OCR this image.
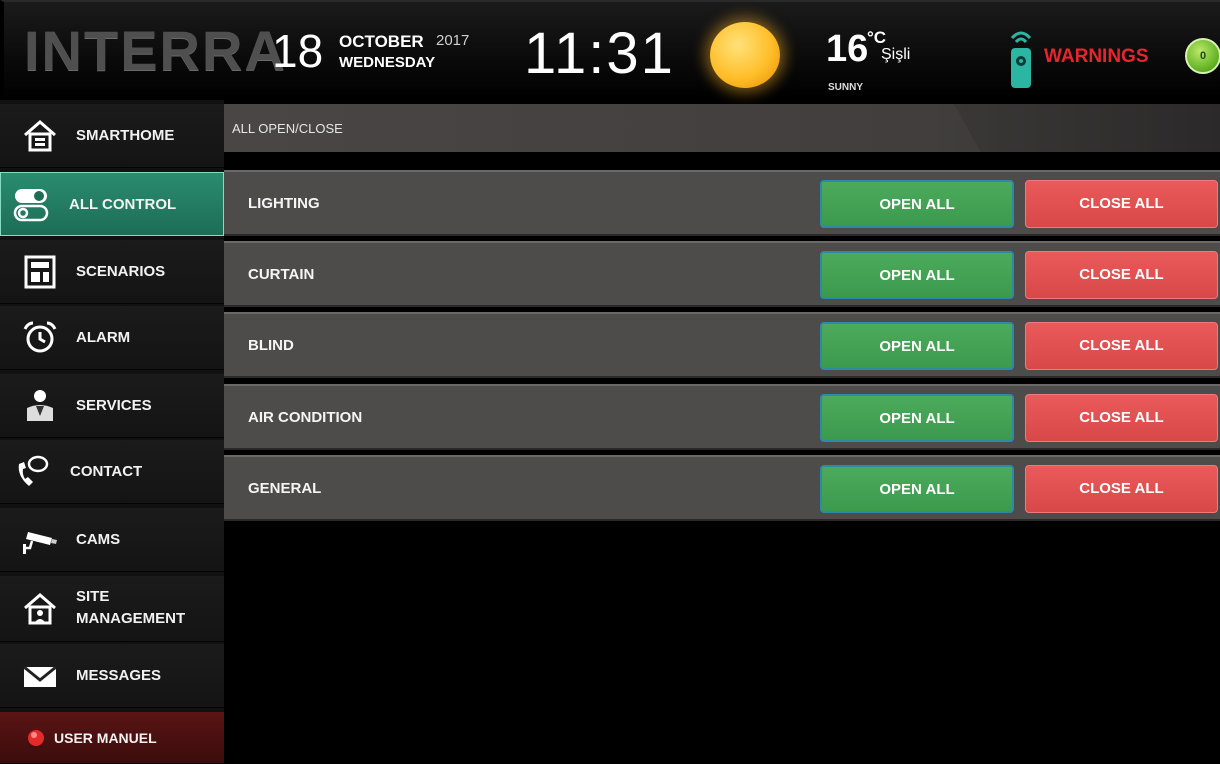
INTERRA
18 OCTOBER 2017
WEDNESDAY 11:31	16
°C
Şişli
SUNNY
WARNINGS	0
SMARTHOME
ALL CONTROL
SCENARIOS
ALARM
SERVICES
CONTACT
CAMS
SITE
MANAGEMENT
MESSAGES
USER MANUEL
ALL OPEN/CLOSE
LIGHTING	OPEN ALL	CLOSE ALL
CURTAIN	OPEN ALL	CLOSE ALL
BLIND	OPEN ALL	CLOSE ALL
AIR CONDITION	OPEN ALL	CLOSE ALL
GENERAL	OPEN ALL	CLOSE ALL
